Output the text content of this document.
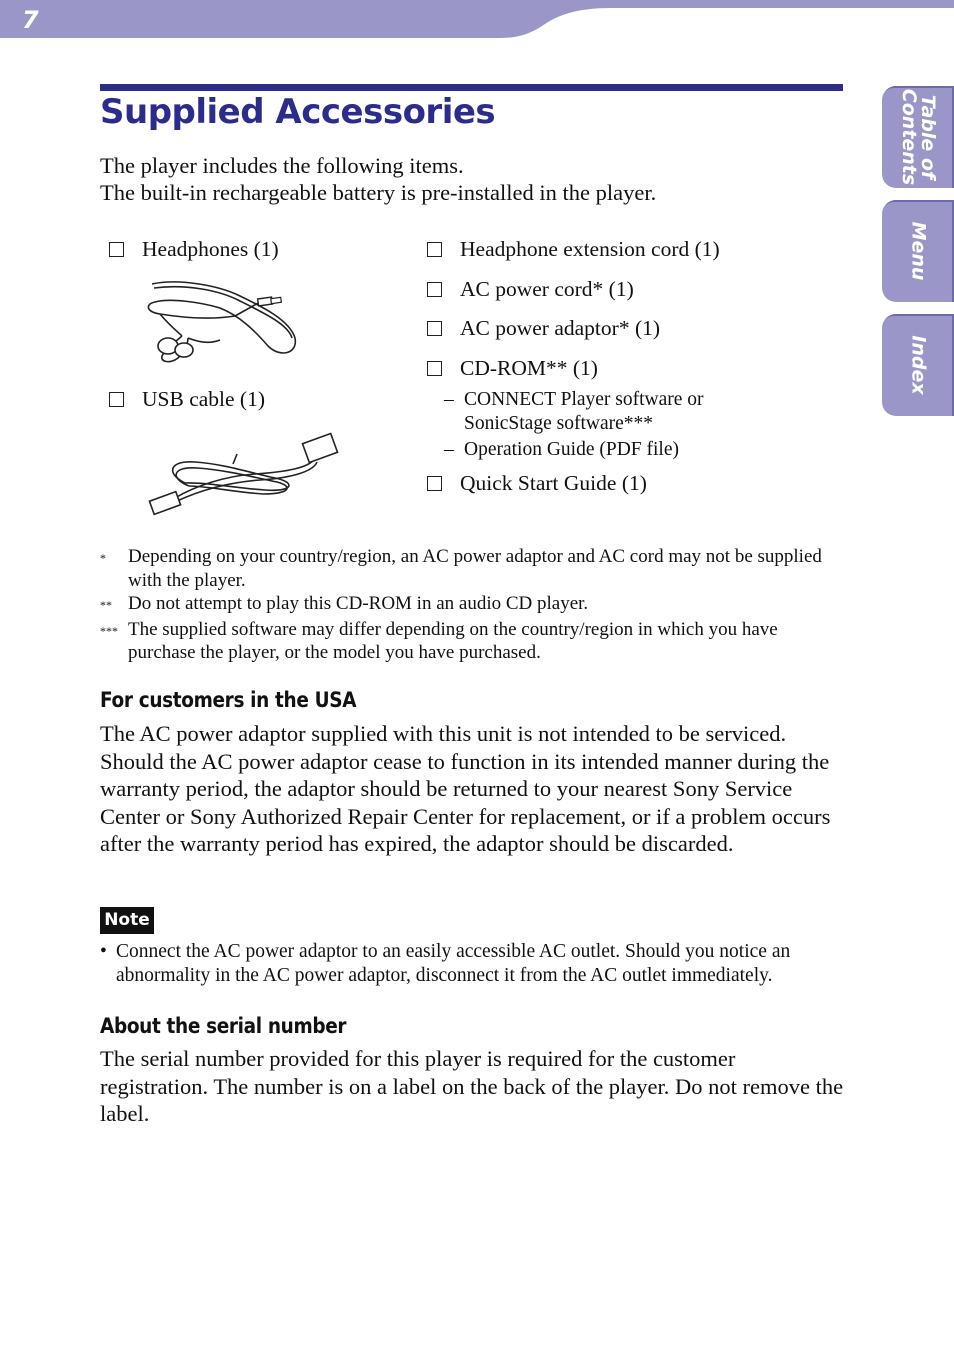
7
Table of
Contents
Menu
Index
Supplied Accessories
The player includes the following items.
The built-in rechargeable battery is pre-installed in the player.
Headphones (1)
USB cable (1)
Headphone extension cord (1)
AC power cord* (1)
AC power adaptor* (1)
CD-ROM** (1)
– CONNECT Player software or
SonicStage software***
– Operation Guide (PDF file)
Quick Start Guide (1)
*	Depending on your country/region, an AC power adaptor and AC cord may not be supplied with the player.
** Do not attempt to play this CD-ROM in an audio CD player.
*** The supplied software may differ depending on the country/region in which you have purchase the player, or the model you have purchased.
For customers in the USA
The AC power adaptor supplied with this unit is not intended to be serviced. Should the AC power adaptor cease to function in its intended manner during the warranty period, the adaptor should be returned to your nearest Sony Service Center or Sony Authorized Repair Center for replacement, or if a problem occurs after the warranty period has expired, the adaptor should be discarded.
Note
• Connect the AC power adaptor to an easily accessible AC outlet. Should you notice an abnormality in the AC power adaptor, disconnect it from the AC outlet immediately.
About the serial number
The serial number provided for this player is required for the customer registration. The number is on a label on the back of the player. Do not remove the label.
